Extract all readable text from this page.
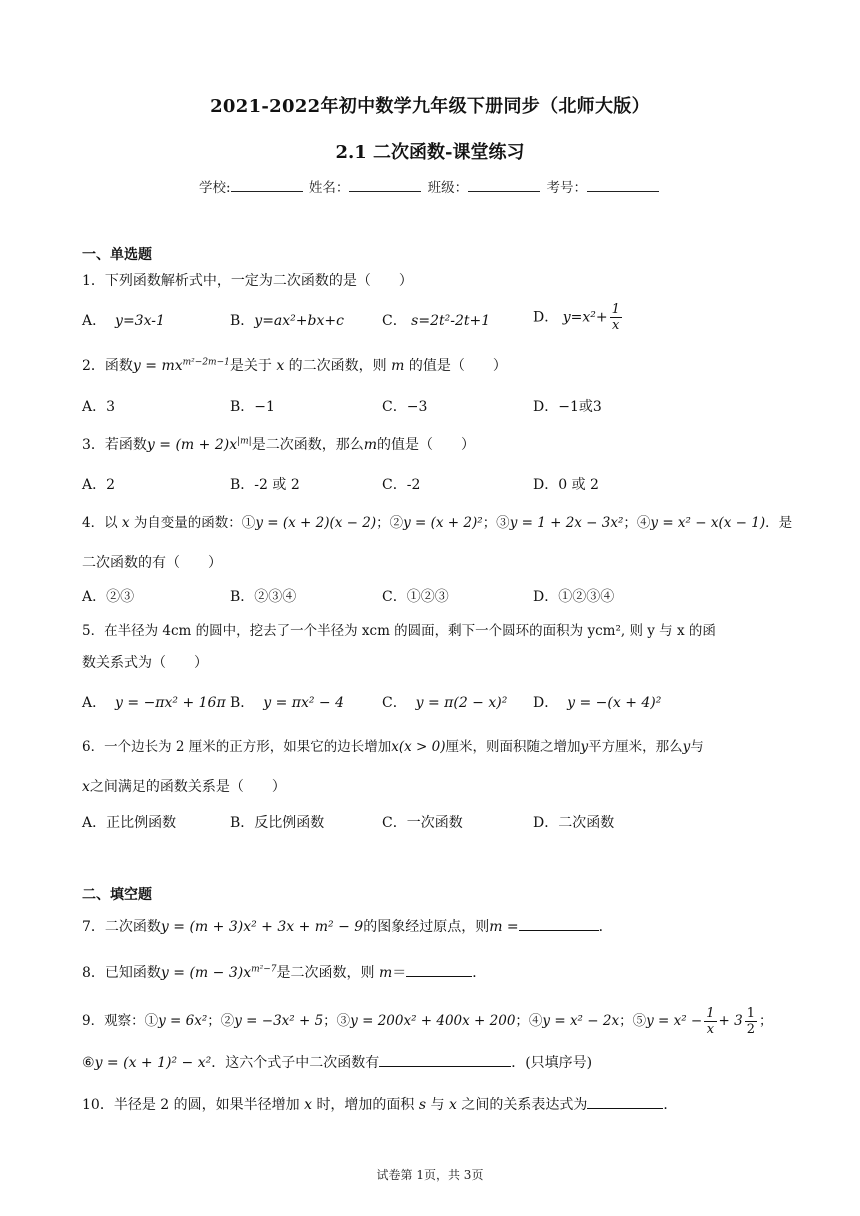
2021-2022年初中数学九年级下册同步（北师大版）
2.1 二次函数-课堂练习
学校:	姓名：	班级：	考号：
一、单选题
1．下列函数解析式中，一定为二次函数的是（　　）
A． y=3x-1	B．y=ax²+bx+c	C． s=2t²-2t+1	D． $y=x^2+ \frac{1}{x}$
2．函数$y = mx^{m^2-2m-1}$是关于 x 的二次函数，则 m 的值是（　　）
A．3	B．−1	C．−3	D．−1或3
3．若函数$y = (m + 2)x^{|m|}$是二次函数，那么m的值是（　　）
A．2	B．-2 或 2	C．-2	D．0 或 2
4．以 x 为自变量的函数：①y = (x + 2)(x − 2)；②y = (x + 2)²；③y = 1 + 2x − 3x²；④y = x² − x(x − 1)．是
二次函数的有（　　）
A．②③	B．②③④	C．①②③	D．①②③④
5．在半径为 4cm 的圆中，挖去了一个半径为 xcm 的圆面，剩下一个圆环的面积为 ycm², 则 y 与 x 的函
数关系式为（　　）
A． y = −πx² + 16π B． y = πx² − 4	C． y = π(2 − x)² D． y = −(x + 4)²
6．一个边长为 2 厘米的正方形，如果它的边长增加x(x > 0)厘米，则面积随之增加y平方厘米，那么y与
x之间满足的函数关系是（　　）
A．正比例函数	B．反比例函数	C．一次函数	D．二次函数
二、填空题
7．二次函数y = (m + 3)x² + 3x + m² − 9的图象经过原点，则m =	．
8．已知函数$y = (m - 3)x^{m^2-7}$是二次函数，则 m＝	．
9．观察：①y = 6x²；②y = −3x² + 5；③y = 200x² + 400x + 200；④y = x² − 2x；⑤y = $x^2 - \frac{1}{x} + 3 \frac{1}{2}$ ；
⑥y = (x + 1)² − x²．这六个式子中二次函数有	．(只填序号)
10．半径是 2 的圆，如果半径增加 x 时，增加的面积 s 与 x 之间的关系表达式为	．
试卷第 1页，共 3页
